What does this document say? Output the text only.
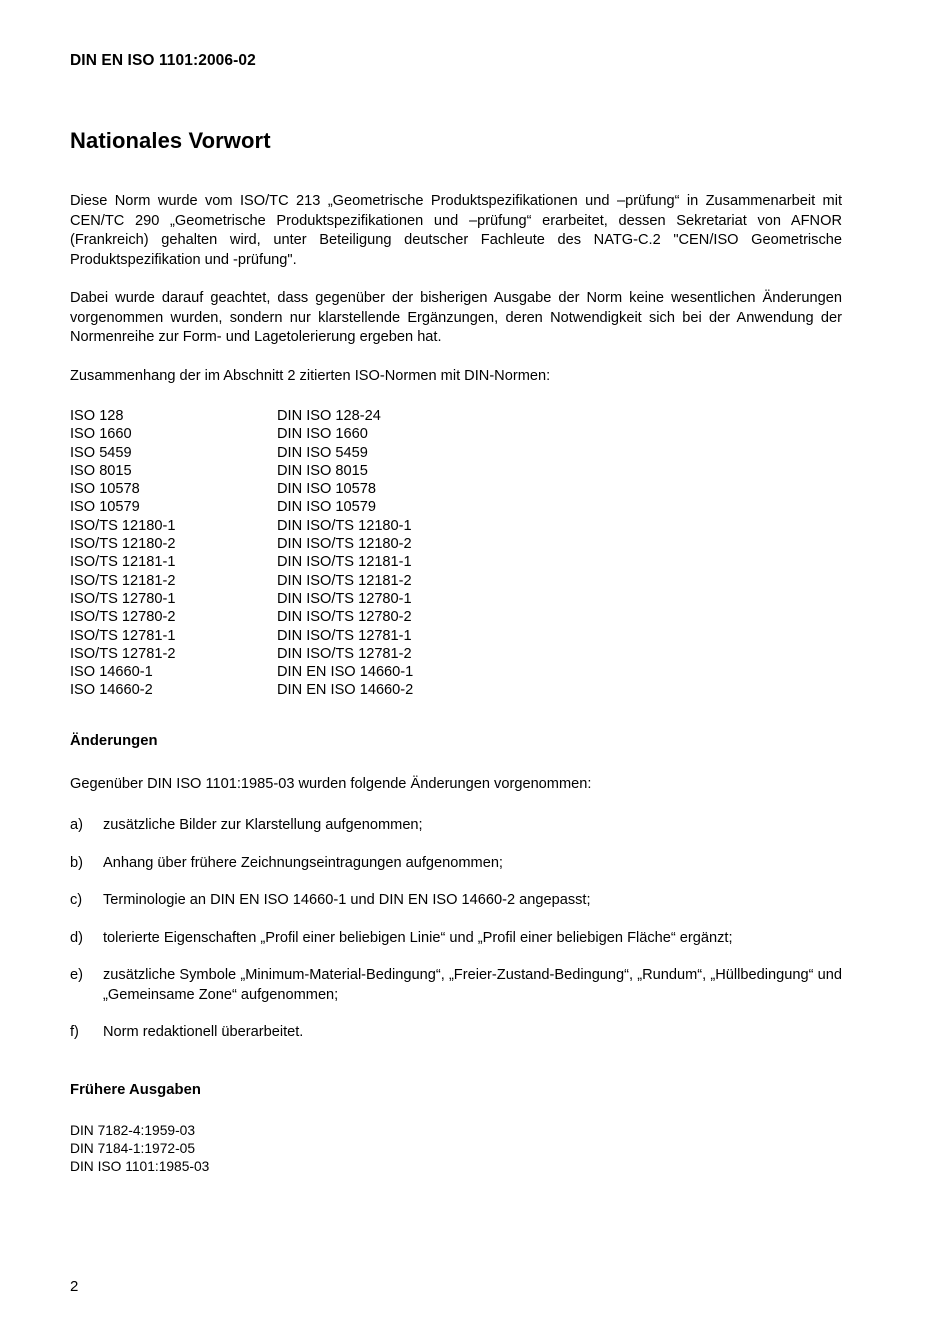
DIN EN ISO 1101:2006-02
Nationales Vorwort

Diese Norm wurde vom ISO/TC 213 „Geometrische Produktspezifikationen und –prüfung“ in Zusammenarbeit mit CEN/TC 290 „Geometrische Produktspezifikationen und –prüfung“ erarbeitet, dessen Sekretariat von AFNOR (Frankreich) gehalten wird, unter Beteiligung deutscher Fachleute des NATG-C.2 "CEN/ISO Geometrische Produktspezifikation und -prüfung".

Dabei wurde darauf geachtet, dass gegenüber der bisherigen Ausgabe der Norm keine wesentlichen Änderungen vorgenommen wurden, sondern nur klarstellende Ergänzungen, deren Notwendigkeit sich bei der Anwendung der Normenreihe zur Form- und Lagetolerierung ergeben hat.

Zusammenhang der im Abschnitt 2 zitierten ISO-Normen mit DIN-Normen:

ISO 128	DIN ISO 128-24
ISO 1660	DIN ISO 1660
ISO 5459	DIN ISO 5459
ISO 8015	DIN ISO 8015
ISO 10578	DIN ISO 10578
ISO 10579	DIN ISO 10579
ISO/TS 12180-1	DIN ISO/TS 12180-1
ISO/TS 12180-2	DIN ISO/TS 12180-2
ISO/TS 12181-1	DIN ISO/TS 12181-1
ISO/TS 12181-2	DIN ISO/TS 12181-2
ISO/TS 12780-1	DIN ISO/TS 12780-1
ISO/TS 12780-2	DIN ISO/TS 12780-2
ISO/TS 12781-1	DIN ISO/TS 12781-1
ISO/TS 12781-2	DIN ISO/TS 12781-2
ISO 14660-1	DIN EN ISO 14660-1
ISO 14660-2	DIN EN ISO 14660-2
Änderungen

Gegenüber DIN ISO 1101:1985-03 wurden folgende Änderungen vorgenommen:

a)	zusätzliche Bilder zur Klarstellung aufgenommen;
b)	Anhang über frühere Zeichnungseintragungen aufgenommen;
c)	Terminologie an DIN EN ISO 14660-1 und DIN EN ISO 14660-2 angepasst;
d)	tolerierte Eigenschaften „Profil einer beliebigen Linie“ und „Profil einer beliebigen Fläche“ ergänzt;
e)	zusätzliche Symbole „Minimum-Material-Bedingung“, „Freier-Zustand-Bedingung“, „Rundum“, „Hüllbedingung“ und „Gemeinsame Zone“ aufgenommen;
f)	Norm redaktionell überarbeitet.
Frühere Ausgaben
DIN 7182-4:1959-03
DIN 7184-1:1972-05
DIN ISO 1101:1985-03
2
